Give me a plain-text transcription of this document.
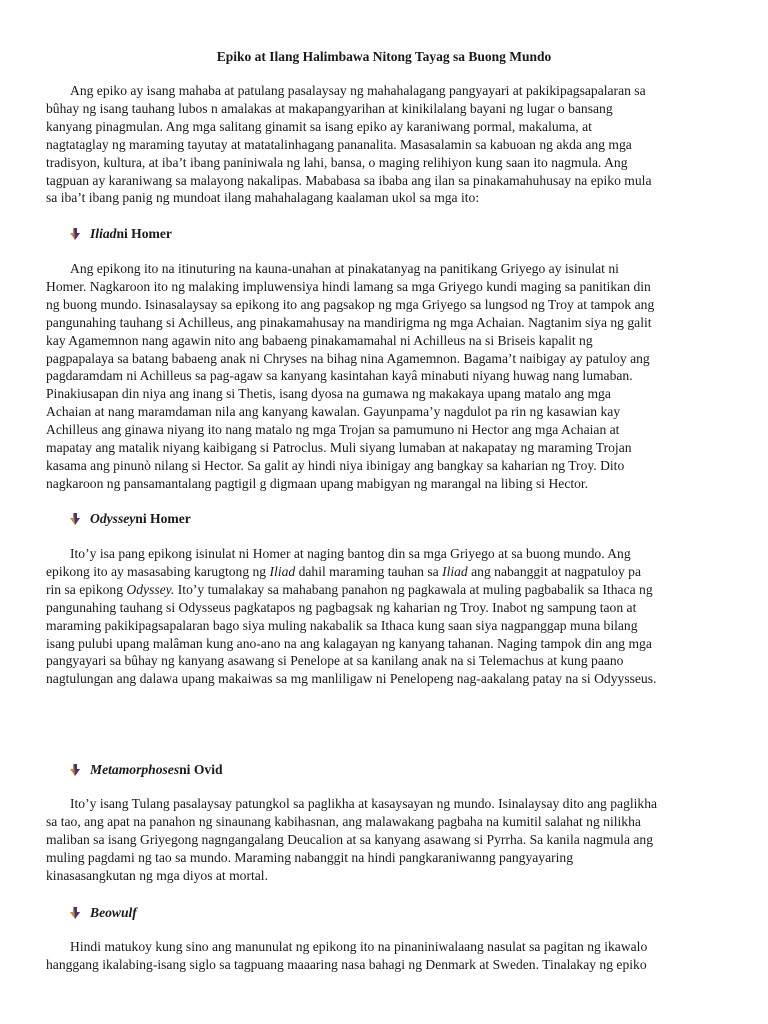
Epiko at Ilang Halimbawa Nitong Tayag sa Buong Mundo

Ang epiko ay isang mahaba at patulang pasalaysay ng mahahalagang pangyayari at pakikipagsapalaran sa
bûhay ng isang tauhang lubos n amalakas at makapangyarihan at kinikilalang bayani ng lugar o bansang
kanyang pinagmulan. Ang mga salitang ginamit sa isang epiko ay karaniwang pormal, makaluma, at
nagtataglay ng maraming tayutay at matatalinhagang pananalita. Masasalamin sa kabuoan ng akda ang mga
tradisyon, kultura, at iba’t ibang paniniwala ng lahi, bansa, o maging relihiyon kung saan ito nagmula. Ang
tagpuan ay karaniwang sa malayong nakalipas. Mababasa sa ibaba ang ilan sa pinakamahuhusay na epiko mula
sa iba’t ibang panig ng mundoat ilang mahahalagang kaalaman ukol sa mga ito:

Iliad ni Homer

Ang epikong ito na itinuturing na kauna-unahan at pinakatanyag na panitikang Griyego ay isinulat ni
Homer. Nagkaroon ito ng malaking impluwensiya hindi lamang sa mga Griyego kundi maging sa panitikan din
ng buong mundo. Isinasalaysay sa epikong ito ang pagsakop ng mga Griyego sa lungsod ng Troy at tampok ang
pangunahing tauhang si Achilleus, ang pinakamahusay na mandirigma ng mga Achaian. Nagtanim siya ng galit
kay Agamemnon nang agawin nito ang babaeng pinakamamahal ni Achilleus na si Briseis kapalit ng
pagpapalaya sa batang babaeng anak ni Chryses na bihag nina Agamemnon. Bagama’t naibigay ay patuloy ang
pagdaramdam ni Achilleus sa pag-agaw sa kanyang kasintahan kayâ minabuti niyang huwag nang lumaban.
Pinakiusapan din niya ang inang si Thetis, isang dyosa na gumawa ng makakaya upang matalo ang mga
Achaian at nang maramdaman nila ang kanyang kawalan. Gayunpama’y nagdulot pa rin ng kasawian kay
Achilleus ang ginawa niyang ito nang matalo ng mga Trojan sa pamumuno ni Hector ang mga Achaian at
mapatay ang matalik niyang kaibigang si Patroclus. Muli siyang lumaban at nakapatay ng maraming Trojan
kasama ang pinunò nilang si Hector. Sa galit ay hindi niya ibinigay ang bangkay sa kaharian ng Troy. Dito
nagkaroon ng pansamantalang pagtigil g digmaan upang mabigyan ng marangal na libing si Hector.

Odyssey ni Homer

Ito’y isa pang epikong isinulat ni Homer at naging bantog din sa mga Griyego at sa buong mundo. Ang
epikong ito ay masasabing karugtong ng Iliad dahil maraming tauhan sa Iliad ang nabanggit at nagpatuloy pa
rin sa epikong Odyssey. Ito’y tumalakay sa mahabang panahon ng pagkawala at muling pagbabalik sa Ithaca ng
pangunahing tauhang si Odysseus pagkatapos ng pagbagsak ng kaharian ng Troy. Inabot ng sampung taon at
maraming pakikipagsapalaran bago siya muling nakabalik sa Ithaca kung saan siya nagpanggap muna bilang
isang pulubi upang malâman kung ano-ano na ang kalagayan ng kanyang tahanan. Naging tampok din ang mga
pangyayari sa bûhay ng kanyang asawang si Penelope at sa kanilang anak na si Telemachus at kung paano
nagtulungan ang dalawa upang makaiwas sa mg manliligaw ni Penelopeng nag-aakalang patay na si Odyysseus.

Metamorphoses ni Ovid

Ito’y isang Tulang pasalaysay patungkol sa paglikha at kasaysayan ng mundo. Isinalaysay dito ang paglikha
sa tao, ang apat na panahon ng sinaunang kabihasnan, ang malawakang pagbaha na kumitil salahat ng nilikha
maliban sa isang Griyegong nagngangalang Deucalion at sa kanyang asawang si Pyrrha. Sa kanila nagmula ang
muling pagdami ng tao sa mundo. Maraming nabanggit na hindi pangkaraniwanng pangyayaring
kinasasangkutan ng mga diyos at mortal.

Beowulf

Hindi matukoy kung sino ang manunulat ng epikong ito na pinaniniwalaang nasulat sa pagitan ng ikawalo
hanggang ikalabing-isang siglo sa tagpuang maaaring nasa bahagi ng Denmark at Sweden. Tinalakay ng epiko
